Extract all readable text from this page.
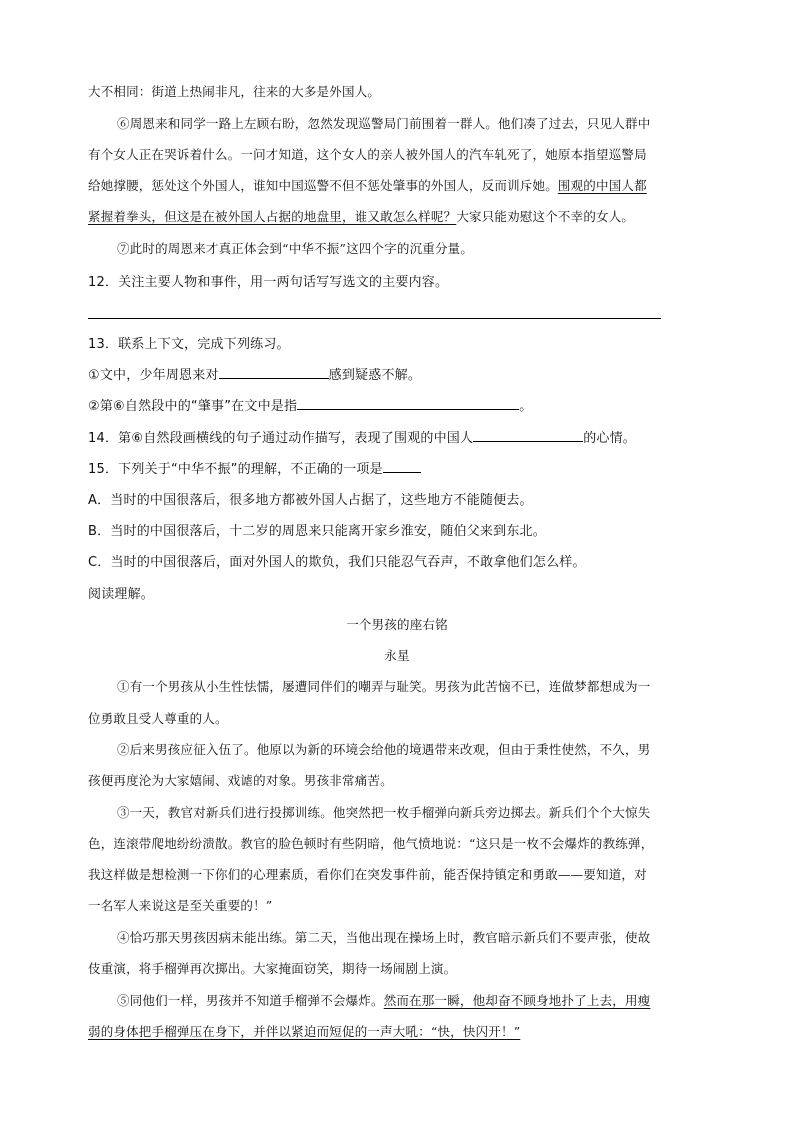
大不相同：街道上热闹非凡，往来的大多是外国人。
⑥周恩来和同学一路上左顾右盼，忽然发现巡警局门前围着一群人。他们凑了过去，只见人群中
有个女人正在哭诉着什么。一问才知道，这个女人的亲人被外国人的汽车轧死了，她原本指望巡警局
给她撑腰，惩处这个外国人，谁知中国巡警不但不惩处肇事的外国人，反而训斥她。围观的中国人都
紧握着拳头，但这是在被外国人占据的地盘里，谁又敢怎么样呢？大家只能劝慰这个不幸的女人。
⑦此时的周恩来才真正体会到“中华不振”这四个字的沉重分量。
12．关注主要人物和事件，用一两句话写写选文的主要内容。
13．联系上下文，完成下列练习。
①文中，少年周恩来对	感到疑惑不解。
②第⑥自然段中的“肇事”在文中是指	。
14．第⑥自然段画横线的句子通过动作描写，表现了围观的中国人	的心情。
15．下列关于“中华不振”的理解，不正确的一项是
A．当时的中国很落后，很多地方都被外国人占据了，这些地方不能随便去。
B．当时的中国很落后，十二岁的周恩来只能离开家乡淮安，随伯父来到东北。
C．当时的中国很落后，面对外国人的欺负，我们只能忍气吞声，不敢拿他们怎么样。
阅读理解。
一个男孩的座右铭
永星
①有一个男孩从小生性怯懦，屡遭同伴们的嘲弄与耻笑。男孩为此苦恼不已，连做梦都想成为一
位勇敢且受人尊重的人。
②后来男孩应征入伍了。他原以为新的环境会给他的境遇带来改观，但由于秉性使然，不久，男
孩便再度沦为大家嬉闹、戏谑的对象。男孩非常痛苦。
③一天，教官对新兵们进行投掷训练。他突然把一枚手榴弹向新兵旁边掷去。新兵们个个大惊失
色，连滚带爬地纷纷溃散。教官的脸色顿时有些阴暗，他气愤地说：“这只是一枚不会爆炸的教练弹，
我这样做是想检测一下你们的心理素质，看你们在突发事件前，能否保持镇定和勇敢——要知道，对
一名军人来说这是至关重要的！”
④恰巧那天男孩因病未能出练。第二天，当他出现在操场上时，教官暗示新兵们不要声张，使故
伎重演，将手榴弹再次掷出。大家掩面窃笑，期待一场闹剧上演。
⑤同他们一样，男孩并不知道手榴弹不会爆炸。然而在那一瞬，他却奋不顾身地扑了上去，用瘦
弱的身体把手榴弹压在身下，并伴以紧迫而短促的一声大吼：“快，快闪开！”
